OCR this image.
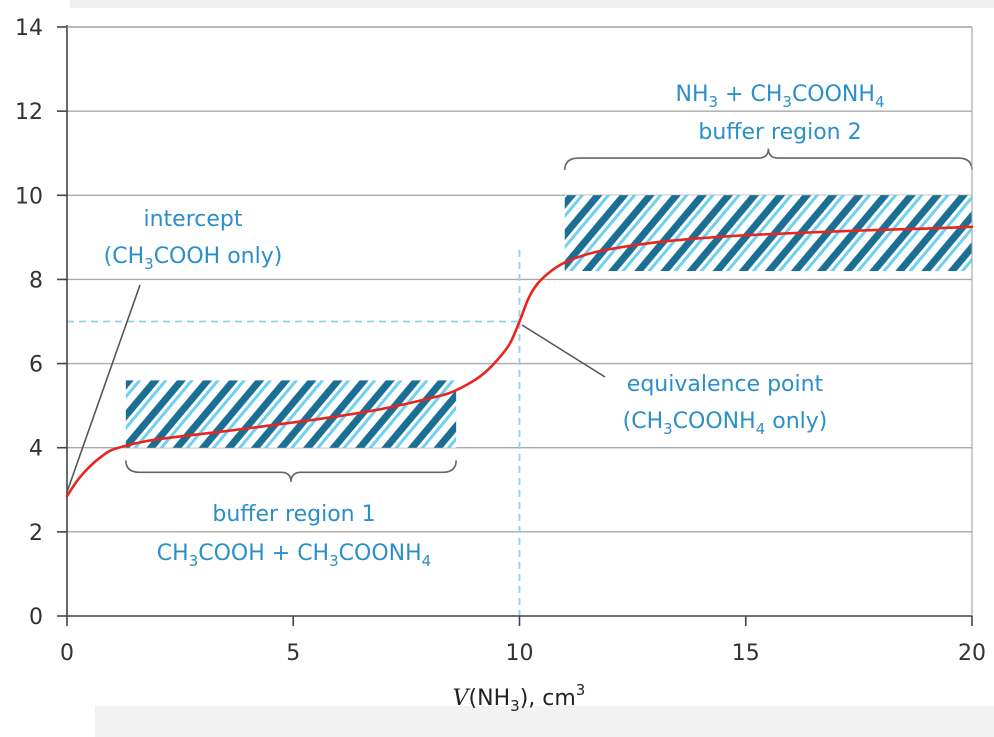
0	5	10	15	20
0
2
4
6
8
10
12
14
$V(NH_3)$, $cm^3$
intercept
($CH_3COOH$ only)
buffer region 1
$CH_3COOH$ + $CH_3COONH_4$
equivalence point
($CH_3COONH_4$ only)
$NH_3$ + $CH_3COONH_4$
buffer region 2
